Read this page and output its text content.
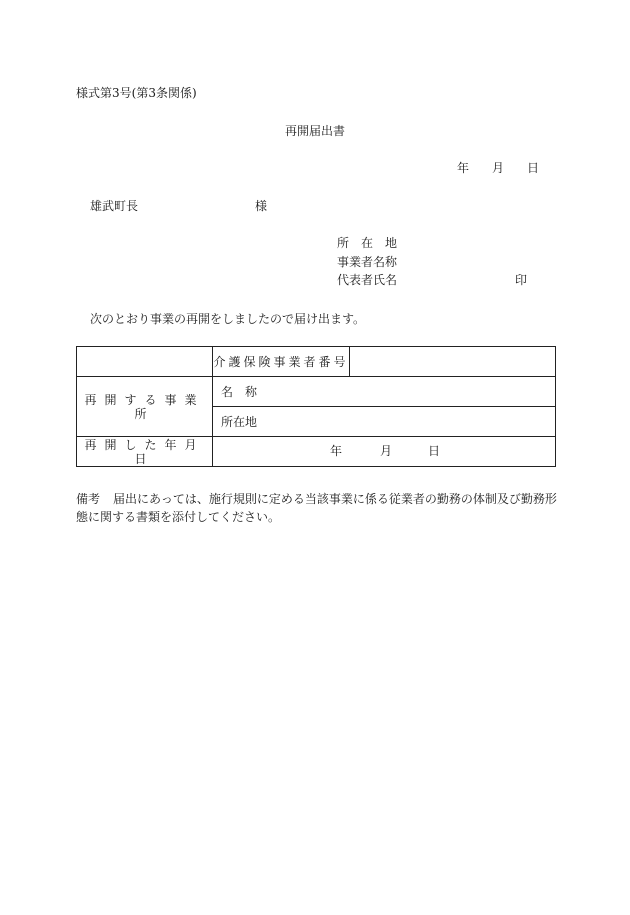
様式第3号(第3条関係)
再開届出書
年 月 日
雄武町長	様
所　在　地
事業者名称
代表者氏名	印
次のとおり事業の再開をしましたので届け出ます。
	介護保険事業者番号	
再開する事業所	名　称	
	所在地	
再開した年月日	年 月 日	
備考 届出にあっては、施行規則に定める当該事業に係る従業者の勤務の体制及び勤務形
態に関する書類を添付してください。
